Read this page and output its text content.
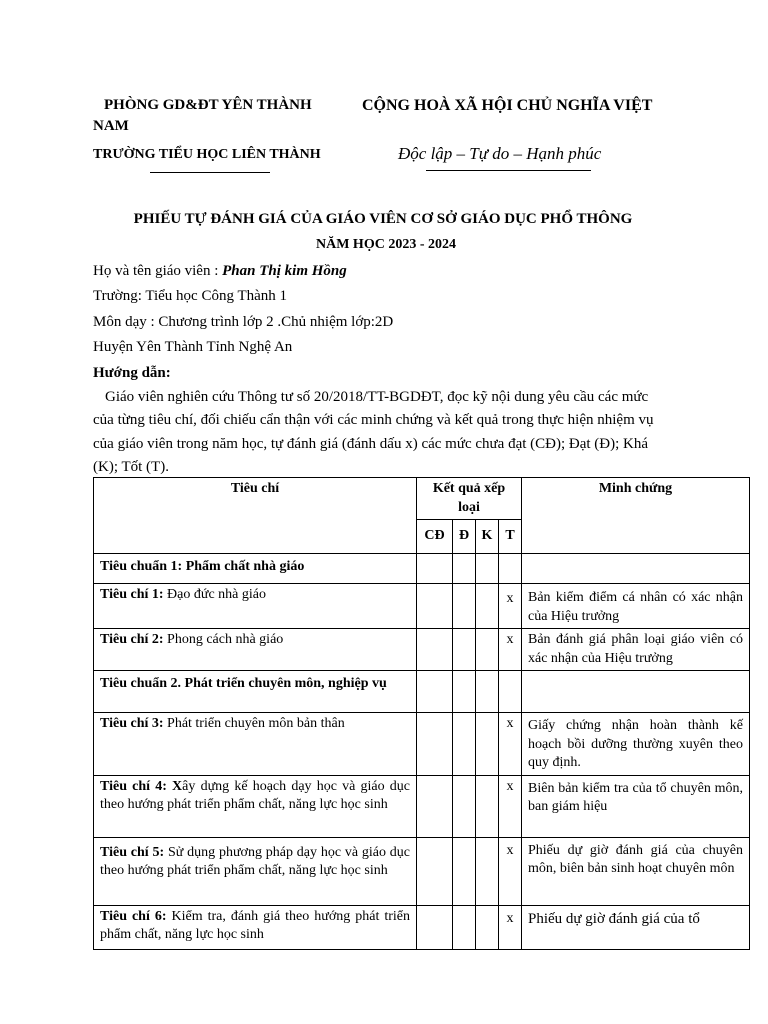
PHÒNG GD&ĐT YÊN THÀNH	CỘNG HOÀ XÃ HỘI CHỦ NGHĨA VIỆT
NAM
TRƯỜNG TIỂU HỌC LIÊN THÀNH	Độc lập – Tự do – Hạnh phúc
PHIẾU TỰ ĐÁNH GIÁ CỦA GIÁO VIÊN CƠ SỞ GIÁO DỤC PHỔ THÔNG
NĂM HỌC 2023 - 2024
Họ và tên giáo viên : Phan Thị kim Hồng
Trường: Tiểu học Công Thành 1
Môn dạy : Chương trình lớp 2 .Chủ nhiệm lớp:2D
Huyện Yên Thành Tỉnh Nghệ An
Hướng dẫn:
Giáo viên nghiên cứu Thông tư số 20/2018/TT-BGDĐT, đọc kỹ nội dung yêu cầu các mức
của từng tiêu chí, đối chiếu cẩn thận với các minh chứng và kết quả trong thực hiện nhiệm vụ
của giáo viên trong năm học, tự đánh giá (đánh dấu x) các mức chưa đạt (CĐ); Đạt (Đ); Khá
(K); Tốt (T).
Tiêu chí	Kết quả xếp loại				Minh chứng
	CĐ	Đ	K	T	
Tiêu chuẩn 1: Phẩm chất nhà giáo					
Tiêu chí 1: Đạo đức nhà giáo				x	Bản kiểm điểm cá nhân có xác nhận của Hiệu trưởng
Tiêu chí 2: Phong cách nhà giáo				x	Bản đánh giá phân loại giáo viên có xác nhận của Hiệu trưởng
Tiêu chuẩn 2. Phát triển chuyên môn, nghiệp vụ					
Tiêu chí 3: Phát triển chuyên môn bản thân				x	Giấy chứng nhận hoàn thành kế hoạch bồi dưỡng thường xuyên theo quy định.
Tiêu chí 4: Xây dựng kế hoạch dạy học và giáo dục theo hướng phát triển phẩm chất, năng lực học sinh				x	Biên bản kiểm tra của tổ chuyên môn, ban giám hiệu
Tiêu chí 5: Sử dụng phương pháp dạy học và giáo dục theo hướng phát triển phẩm chất, năng lực học sinh				x	Phiếu dự giờ đánh giá của chuyên môn, biên bản sinh hoạt chuyên môn
Tiêu chí 6: Kiểm tra, đánh giá theo hướng phát triển phẩm chất, năng lực học sinh				x	Phiếu dự giờ đánh giá của tổ
